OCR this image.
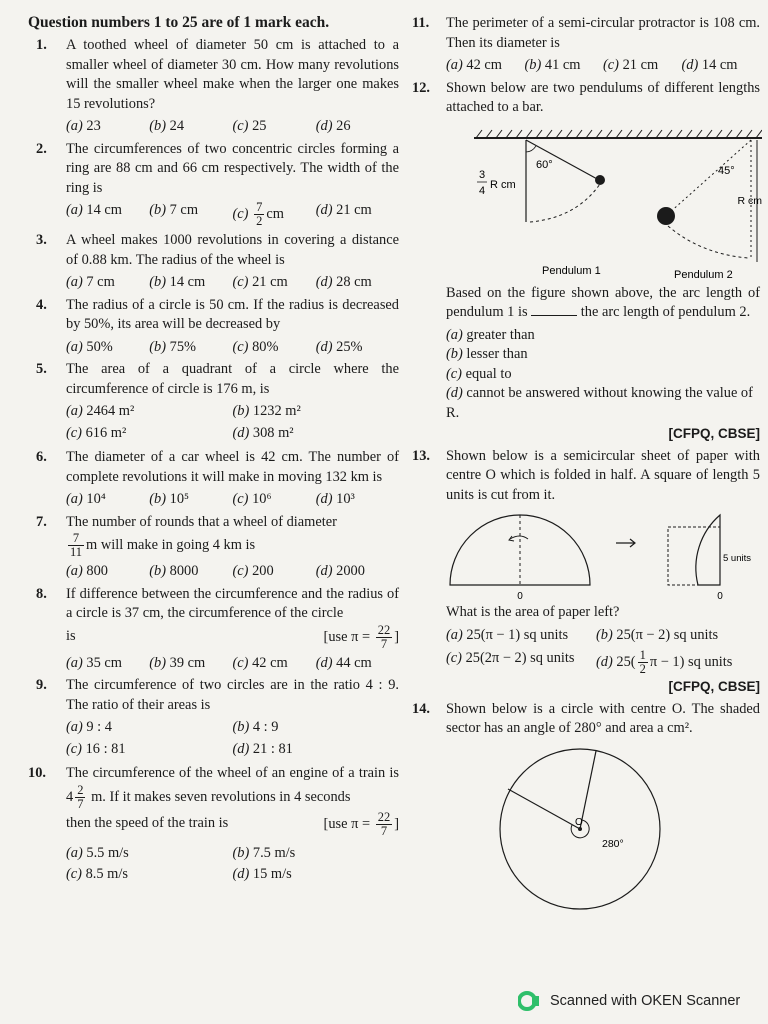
Question numbers 1 to 25 are of 1 mark each.
1. A toothed wheel of diameter 50 cm is attached to a smaller wheel of diameter 30 cm. How many revolutions will the smaller wheel make when the larger one makes 15 revolutions?
(a) 23	(b) 24	(c) 25	(d) 26
2. The circumferences of two concentric circles forming a ring are 88 cm and 66 cm respectively. The width of the ring is
(a) 14 cm	(b) 7 cm	$(c) \frac{7}{2}$ cm	(d) 21 cm
3. A wheel makes 1000 revolutions in covering a distance of 0.88 km. The radius of the wheel is
(a) 7 cm	(b) 14 cm	(c) 21 cm	(d) 28 cm
4. The radius of a circle is 50 cm. If the radius is decreased by 50%, its area will be decreased by
(a) 50%	(b) 75%	(c) 80%	(d) 25%
5. The area of a quadrant of a circle where the circumference of circle is 176 m, is
(a) 2464 m²	(b) 1232 m²
(c) 616 m²	(d) 308 m²
6. The diameter of a car wheel is 42 cm. The number of complete revolutions it will make in moving 132 km is
(a) 10⁴	(b) 10⁵	(c) 10⁶	(d) 10³
7. The number of rounds that a wheel of diameter

$\frac{7}{11}$ m will make in going 4 km is
(a) 800	(b) 8000	(c) 200	(d) 2000
8. If difference between the circumference and the radius of a circle is 37 cm, the circumference of the circle
is	[use $\pi = \frac{22}{7}$ ]
(a) 35 cm	(b) 39 cm	(c) 42 cm	(d) 44 cm
9. The circumference of two circles are in the ratio 4 : 9. The ratio of their areas is
(a) 9 : 4	(b) 4 : 9
(c) 16 : 81	(d) 21 : 81
10. The circumference of the wheel of an engine of a train is $4 \frac{2}{7} m$. If it makes seven revolutions in 4 seconds
then the speed of the train is	[use $\pi = \frac{22}{7}$ ]
(a) 5.5 m/s	(b) 7.5 m/s
(c) 8.5 m/s	(d) 15 m/s
11. The perimeter of a semi-circular protractor is 108 cm. Then its diameter is
(a) 42 cm	(b) 41 cm	(c) 21 cm	(d) 14 cm
12. Shown below are two pendulums of different lengths attached to a bar.
60°
3
4 R cm
45°
R cm
Pendulum 1	Pendulum 2
Based on the figure shown above, the arc length of pendulum 1 is	the arc length of pendulum 2.
(a) greater than
(b) lesser than
(c) equal to
(d) cannot be answered without knowing the value of R.
[CFPQ, CBSE]
13. Shown below is a semicircular sheet of paper with centre O which is folded in half. A square of length 5 units is cut from it.
0	0
5 units
What is the area of paper left?
(a) 25(π − 1) sq units	(b) 25(π − 2) sq units
(c) 25(2π − 2) sq units	(d) $25( \frac{1}{2}$ π − 1) sq units
[CFPQ, CBSE]
14. Shown below is a circle with centre O. The shaded sector has an angle of 280° and area a cm².
O
280°
Scanned with OKEN Scanner
